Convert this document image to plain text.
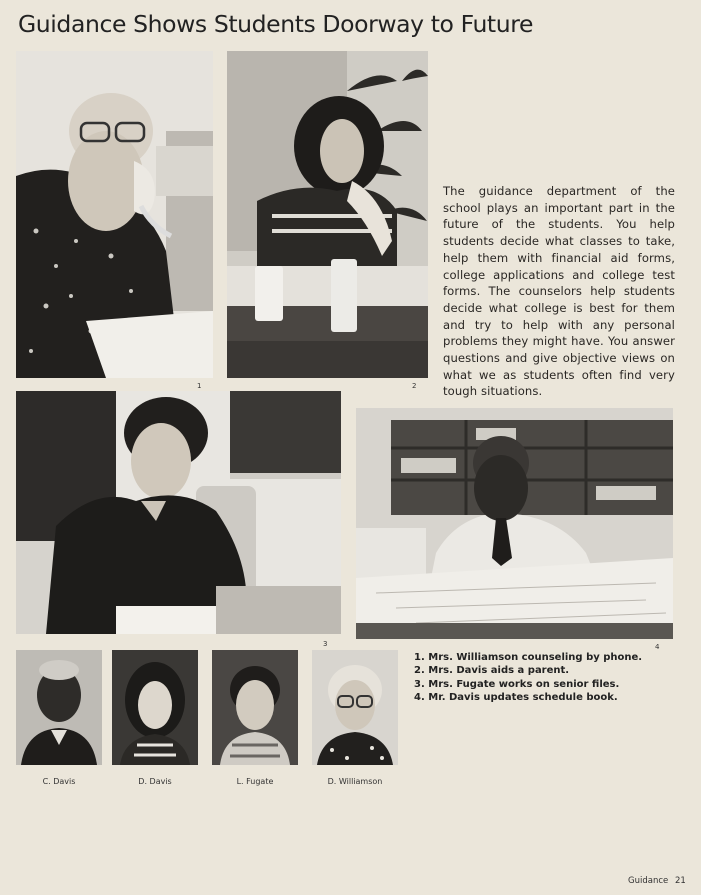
Guidance Shows Students Doorway to Future
1	2

The guidance department of the school plays an important part in the future of the students. You help students decide what classes to take, help them with financial aid forms, college applications and college test forms. The counselors help students decide what college is best for them and try to help with any personal problems they might have. You answer questions and give objective views on what we as students often find very tough situations.

3	4
1. Mrs. Williamson counseling by phone.
2. Mrs. Davis aids a parent.
3. Mrs. Fugate works on senior files.
4. Mr. Davis updates schedule book.
C. Davis	D. Davis	L. Fugate	D. Williamson
Guidance 21
